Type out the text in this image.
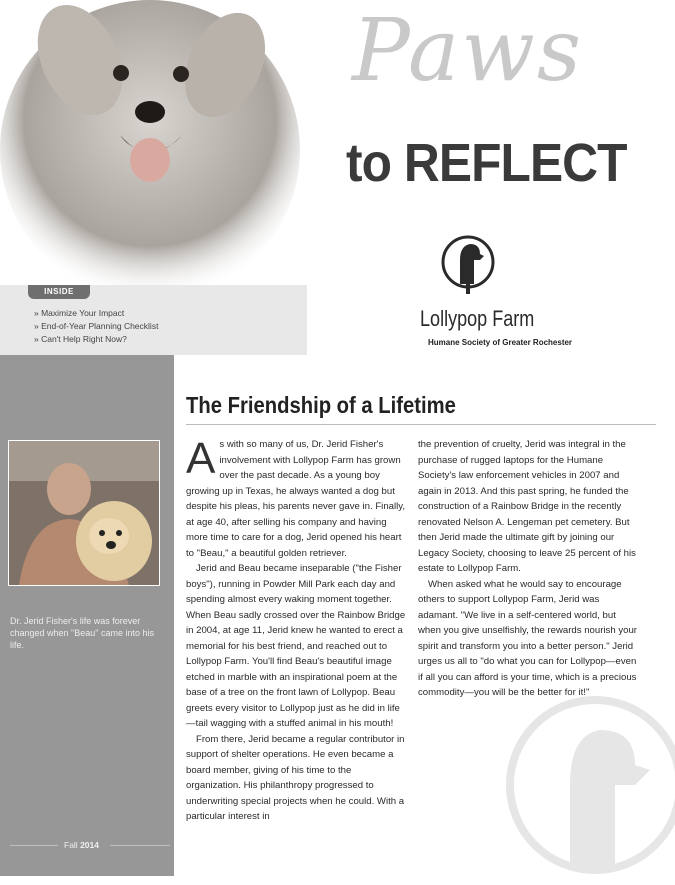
Paws
to REFLECT
Lollypop Farm
Humane Society of Greater Rochester
INSIDE
» Maximize Your Impact
» End-of-Year Planning Checklist
» Can't Help Right Now?
Dr. Jerid Fisher's life was forever changed when "Beau" came into his life.
Fall 2014
The Friendship of a Lifetime

As with so many of us, Dr. Jerid Fisher's involvement with Lollypop Farm has grown over the past decade. As a young boy growing up in Texas, he always wanted a dog but despite his pleas, his parents never gave in. Finally, at age 40, after selling his company and having more time to care for a dog, Jerid opened his heart to "Beau," a beautiful golden retriever.

Jerid and Beau became inseparable ("the Fisher boys"), running in Powder Mill Park each day and spending almost every waking moment together. When Beau sadly crossed over the Rainbow Bridge in 2004, at age 11, Jerid knew he wanted to erect a memorial for his best friend, and reached out to Lollypop Farm. You'll find Beau's beautiful image etched in marble with an inspirational poem at the base of a tree on the front lawn of Lollypop. Beau greets every visitor to Lollypop just as he did in life—tail wagging with a stuffed animal in his mouth!

From there, Jerid became a regular contributor in support of shelter operations. He even became a board member, giving of his time to the organization. His philanthropy progressed to underwriting special projects when he could. With a particular interest in

the prevention of cruelty, Jerid was integral in the purchase of rugged laptops for the Humane Society's law enforcement vehicles in 2007 and again in 2013. And this past spring, he funded the construction of a Rainbow Bridge in the recently renovated Nelson A. Lengeman pet cemetery. But then Jerid made the ultimate gift by joining our Legacy Society, choosing to leave 25 percent of his estate to Lollypop Farm.

When asked what he would say to encourage others to support Lollypop Farm, Jerid was adamant. "We live in a self-centered world, but when you give unselfishly, the rewards nourish your spirit and transform you into a better person." Jerid urges us all to "do what you can for Lollypop—even if all you can afford is your time, which is a precious commodity—you will be the better for it!"
